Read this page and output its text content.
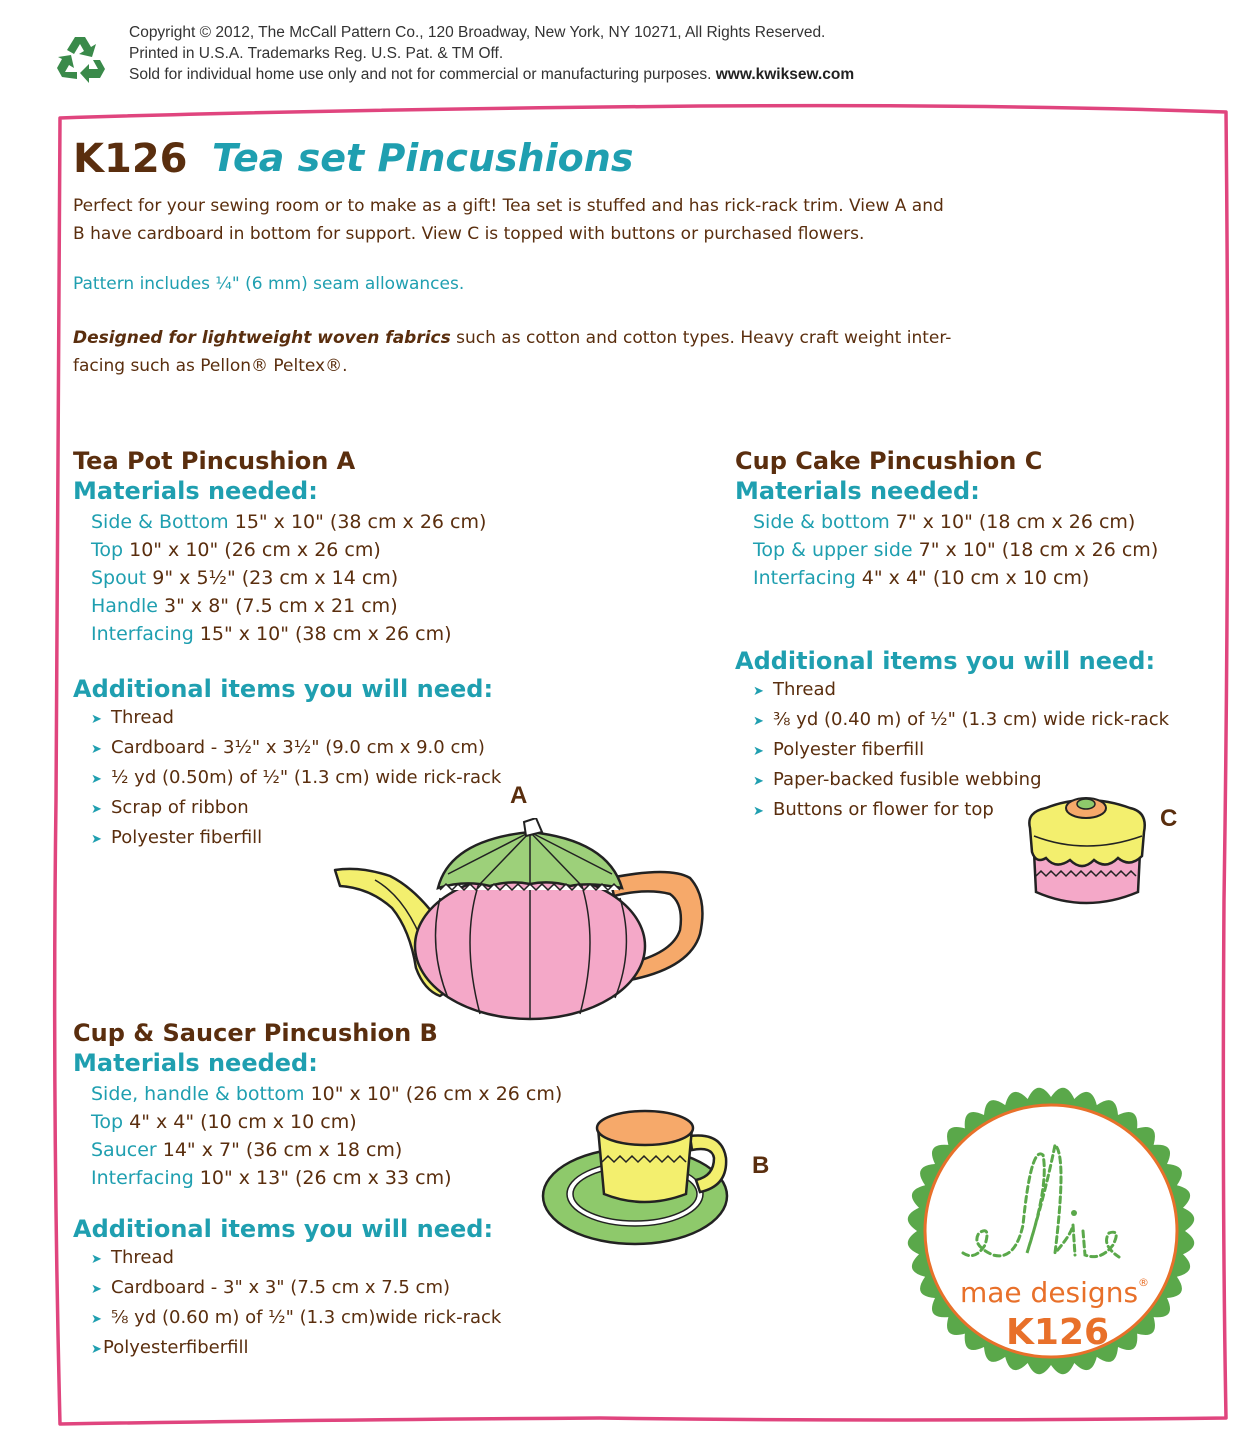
Copyright © 2012, The McCall Pattern Co., 120 Broadway, New York, NY 10271, All Rights Reserved.
Printed in U.S.A. Trademarks Reg. U.S. Pat. & TM Off.
Sold for individual home use only and not for commercial or manufacturing purposes. www.kwiksew.com
K126 Tea set Pincushions
Perfect for your sewing room or to make as a gift! Tea set is stuffed and has rick-rack trim. View A and
B have cardboard in bottom for support. View C is topped with buttons or purchased flowers.
Pattern includes ¼" (6 mm) seam allowances.
Designed for lightweight woven fabrics such as cotton and cotton types. Heavy craft weight inter-
facing such as Pellon® Peltex®.
Tea Pot Pincushion A
Materials needed:
Side & Bottom 15" x 10" (38 cm x 26 cm)
Top 10" x 10" (26 cm x 26 cm)
Spout 9" x 5½" (23 cm x 14 cm)
Handle 3" x 8" (7.5 cm x 21 cm)
Interfacing 15" x 10" (38 cm x 26 cm)
Additional items you will need:
➤ Thread
➤ Cardboard - 3½" x 3½" (9.0 cm x 9.0 cm)
➤ ½ yd (0.50m) of ½" (1.3 cm) wide rick-rack
➤ Scrap of ribbon
➤ Polyester fiberfill
Cup Cake Pincushion C
Materials needed:
Side & bottom 7" x 10" (18 cm x 26 cm)
Top & upper side 7" x 10" (18 cm x 26 cm)
Interfacing 4" x 4" (10 cm x 10 cm)
Additional items you will need:
➤ Thread
➤ ⅜ yd (0.40 m) of ½" (1.3 cm) wide rick-rack
➤ Polyester fiberfill
➤ Paper-backed fusible webbing
➤ Buttons or flower for top
Cup & Saucer Pincushion B
Materials needed:
Side, handle & bottom 10" x 10" (26 cm x 26 cm)
Top 4" x 4" (10 cm x 10 cm)
Saucer 14" x 7" (36 cm x 18 cm)
Interfacing 10" x 13" (26 cm x 33 cm)
Additional items you will need:
➤ Thread
➤ Cardboard - 3" x 3" (7.5 cm x 7.5 cm)
➤ ⅝ yd (0.60 m) of ½" (1.3 cm)wide rick-rack
➤Polyesterfiberfill
A
B
C
mae designs®
K126
